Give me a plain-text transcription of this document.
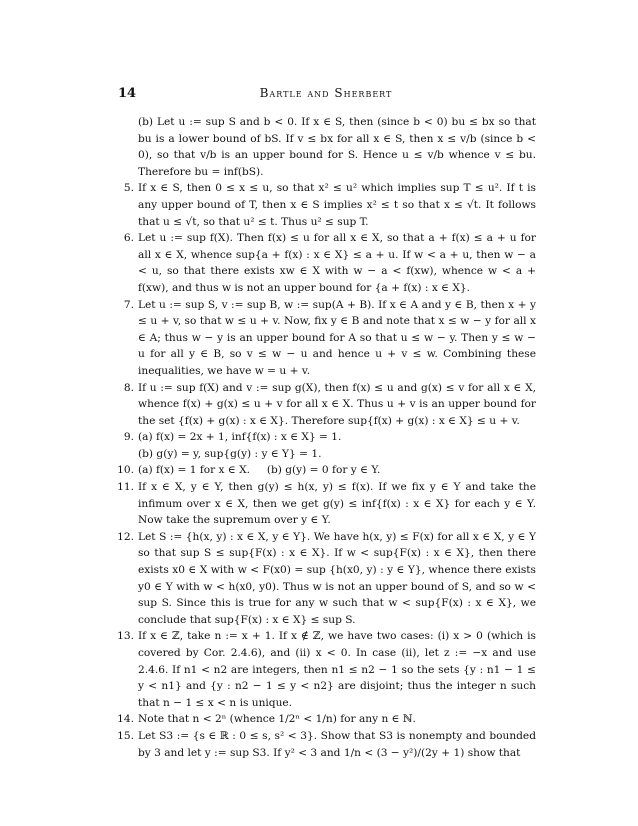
14	Bartle and Sherbert

(b) Let u := sup S and b < 0. If x ∈ S, then (since b < 0) bu ≤ bx so that bu is a lower bound of bS. If v ≤ bx for all x ∈ S, then x ≤ v/b (since b < 0), so that v/b is an upper bound for S. Hence u ≤ v/b whence v ≤ bu. Therefore bu = inf(bS).

5. If x ∈ S, then 0 ≤ x ≤ u, so that x² ≤ u² which implies sup T ≤ u². If t is any upper bound of T, then x ∈ S implies x² ≤ t so that x ≤ √t. It follows that u ≤ √t, so that u² ≤ t. Thus u² ≤ sup T.

6. Let u := sup f(X). Then f(x) ≤ u for all x ∈ X, so that a + f(x) ≤ a + u for all x ∈ X, whence sup{a + f(x) : x ∈ X} ≤ a + u. If w < a + u, then w − a < u, so that there exists xw ∈ X with w − a < f(xw), whence w < a + f(xw), and thus w is not an upper bound for {a + f(x) : x ∈ X}.

7. Let u := sup S, v := sup B, w := sup(A + B). If x ∈ A and y ∈ B, then x + y ≤ u + v, so that w ≤ u + v. Now, fix y ∈ B and note that x ≤ w − y for all x ∈ A; thus w − y is an upper bound for A so that u ≤ w − y. Then y ≤ w − u for all y ∈ B, so v ≤ w − u and hence u + v ≤ w. Combining these inequalities, we have w = u + v.

8. If u := sup f(X) and v := sup g(X), then f(x) ≤ u and g(x) ≤ v for all x ∈ X, whence f(x) + g(x) ≤ u + v for all x ∈ X. Thus u + v is an upper bound for the set {f(x) + g(x) : x ∈ X}. Therefore sup{f(x) + g(x) : x ∈ X} ≤ u + v.

9. (a) f(x) = 2x + 1, inf{f(x) : x ∈ X} = 1.

(b) g(y) = y, sup{g(y) : y ∈ Y} = 1.

10. (a) f(x) = 1 for x ∈ X.     (b) g(y) = 0 for y ∈ Y.

11. If x ∈ X, y ∈ Y, then g(y) ≤ h(x, y) ≤ f(x). If we fix y ∈ Y and take the infimum over x ∈ X, then we get g(y) ≤ inf{f(x) : x ∈ X} for each y ∈ Y. Now take the supremum over y ∈ Y.

12. Let S := {h(x, y) : x ∈ X, y ∈ Y}. We have h(x, y) ≤ F(x) for all x ∈ X, y ∈ Y so that sup S ≤ sup{F(x) : x ∈ X}. If w < sup{F(x) : x ∈ X}, then there exists x0 ∈ X with w < F(x0) = sup {h(x0, y) : y ∈ Y}, whence there exists y0 ∈ Y with w < h(x0, y0). Thus w is not an upper bound of S, and so w < sup S. Since this is true for any w such that w < sup{F(x) : x ∈ X}, we conclude that sup{F(x) : x ∈ X} ≤ sup S.

13. If x ∈ ℤ, take n := x + 1. If x ∉ ℤ, we have two cases: (i) x > 0 (which is covered by Cor. 2.4.6), and (ii) x < 0. In case (ii), let z := −x and use 2.4.6. If n1 < n2 are integers, then n1 ≤ n2 − 1 so the sets {y : n1 − 1 ≤ y < n1} and {y : n2 − 1 ≤ y < n2} are disjoint; thus the integer n such that n − 1 ≤ x < n is unique.

14. Note that n < 2ⁿ (whence 1/2ⁿ < 1/n) for any n ∈ ℕ.

15. Let S3 := {s ∈ ℝ : 0 ≤ s, s² < 3}. Show that S3 is nonempty and bounded by 3 and let y := sup S3. If y² < 3 and 1/n < (3 − y²)/(2y + 1) show that
